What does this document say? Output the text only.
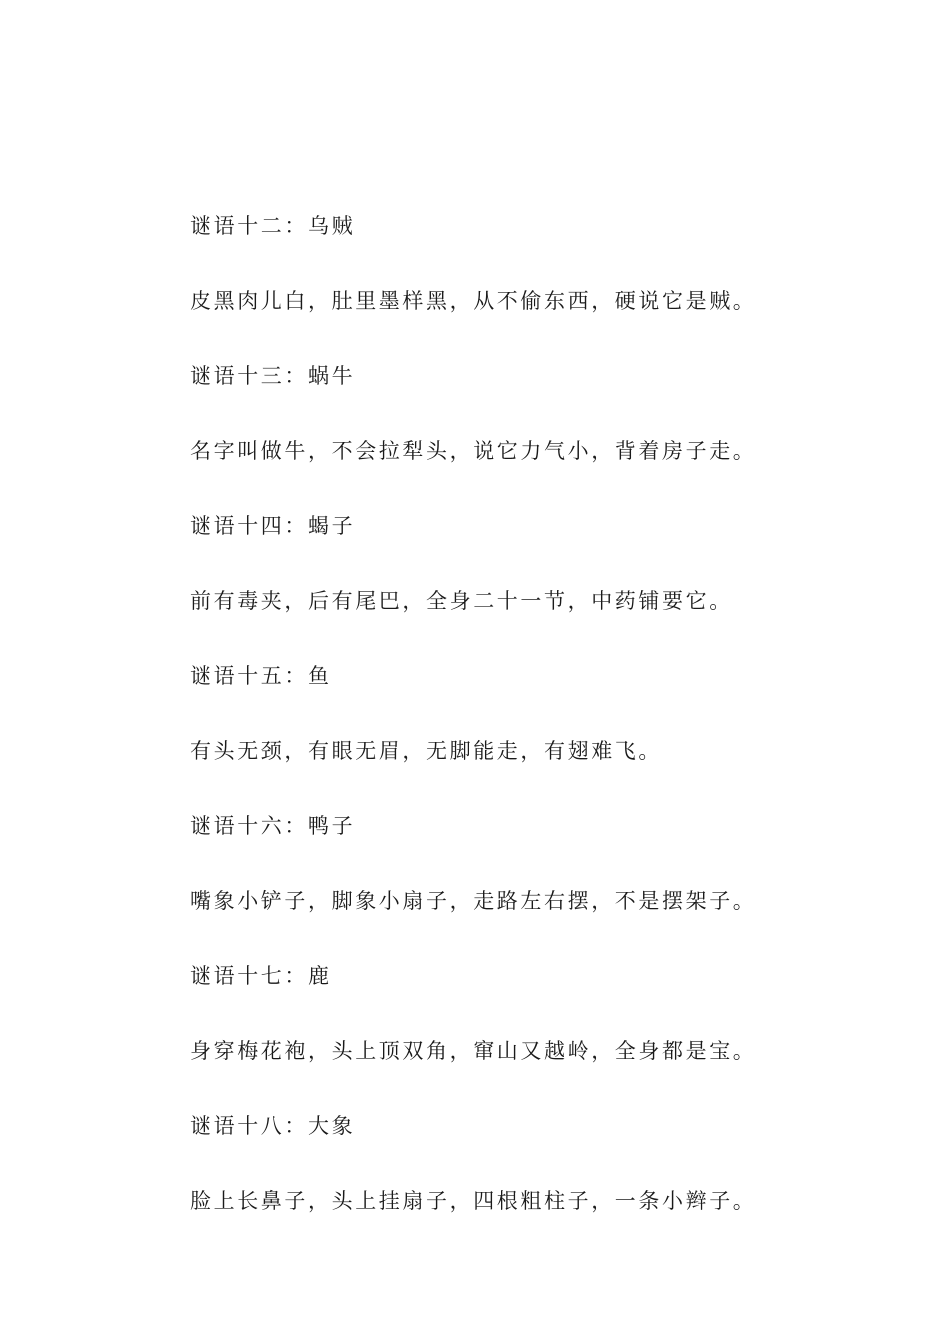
谜语十二：乌贼
皮黑肉儿白，肚里墨样黑，从不偷东西，硬说它是贼。
谜语十三：蜗牛
名字叫做牛，不会拉犁头，说它力气小，背着房子走。
谜语十四：蝎子
前有毒夹，后有尾巴，全身二十一节，中药铺要它。
谜语十五：鱼
有头无颈，有眼无眉，无脚能走，有翅难飞。
谜语十六：鸭子
嘴象小铲子，脚象小扇子，走路左右摆，不是摆架子。
谜语十七：鹿
身穿梅花袍，头上顶双角，窜山又越岭，全身都是宝。
谜语十八：大象
脸上长鼻子，头上挂扇子，四根粗柱子，一条小辫子。
